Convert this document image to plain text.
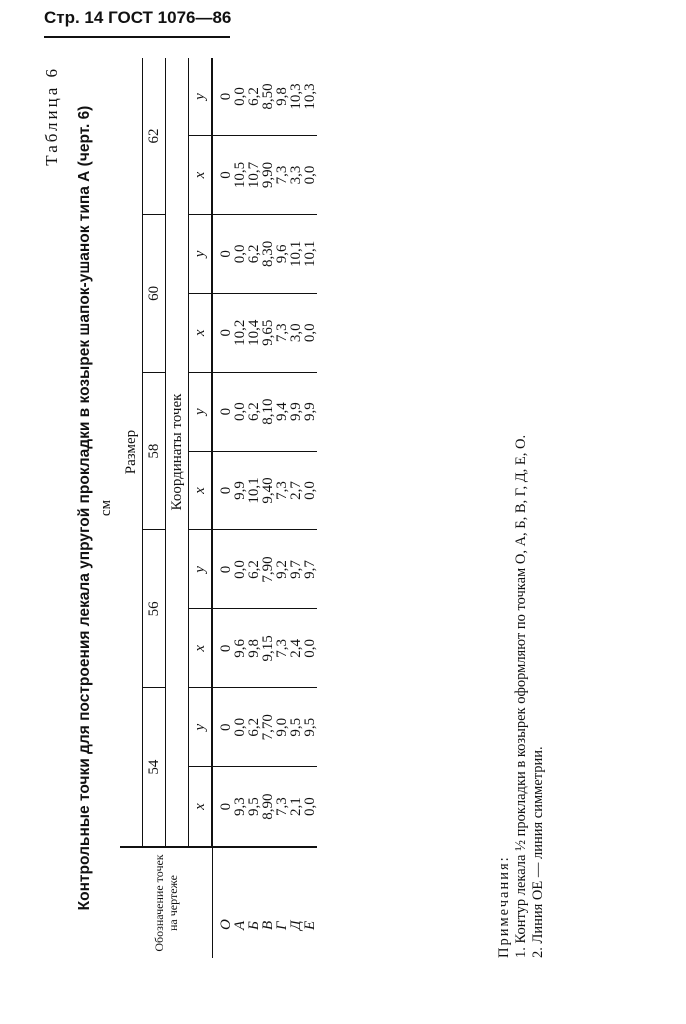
Стр. 14 ГОСТ 1076—86
Таблица 6 Контрольные точки для построения лекала упругой прокладки в козырек шапок-ушанок типа А (черт. 6) см
Обозначение точек на чертеже	Размер									
	54		56		58		60		62	
	Координаты точек									
	x	y	x	y	x	y	x	y	x	y

О	0	0	0	0	0	0	0	0	0	0
А	9,3	0,0	9,6	0,0	9,9	0,0	10,2	0,0	10,5	0,0
Б	9,5	6,2	9,8	6,2	10,1	6,2	10,4	6,2	10,7	6,2
В	8,90	7,70	9,15	7,90	9,40	8,10	9,65	8,30	9,90	8,50
Г	7,3	9,0	7,3	9,2	7,3	9,4	7,3	9,6	7,3	9,8
Д	2,1	9,5	2,4	9,7	2,7	9,9	3,0	10,1	3,3	10,3
Е	0,0	9,5	0,0	9,7	0,0	9,9	0,0	10,1	0,0	10,3
Примечания: 1. Контур лекала ½ прокладки в козырек оформляют по точкам О, А, Б, В, Г, Д, Е, О. 2. Линия ОЕ — линия симметрии.
